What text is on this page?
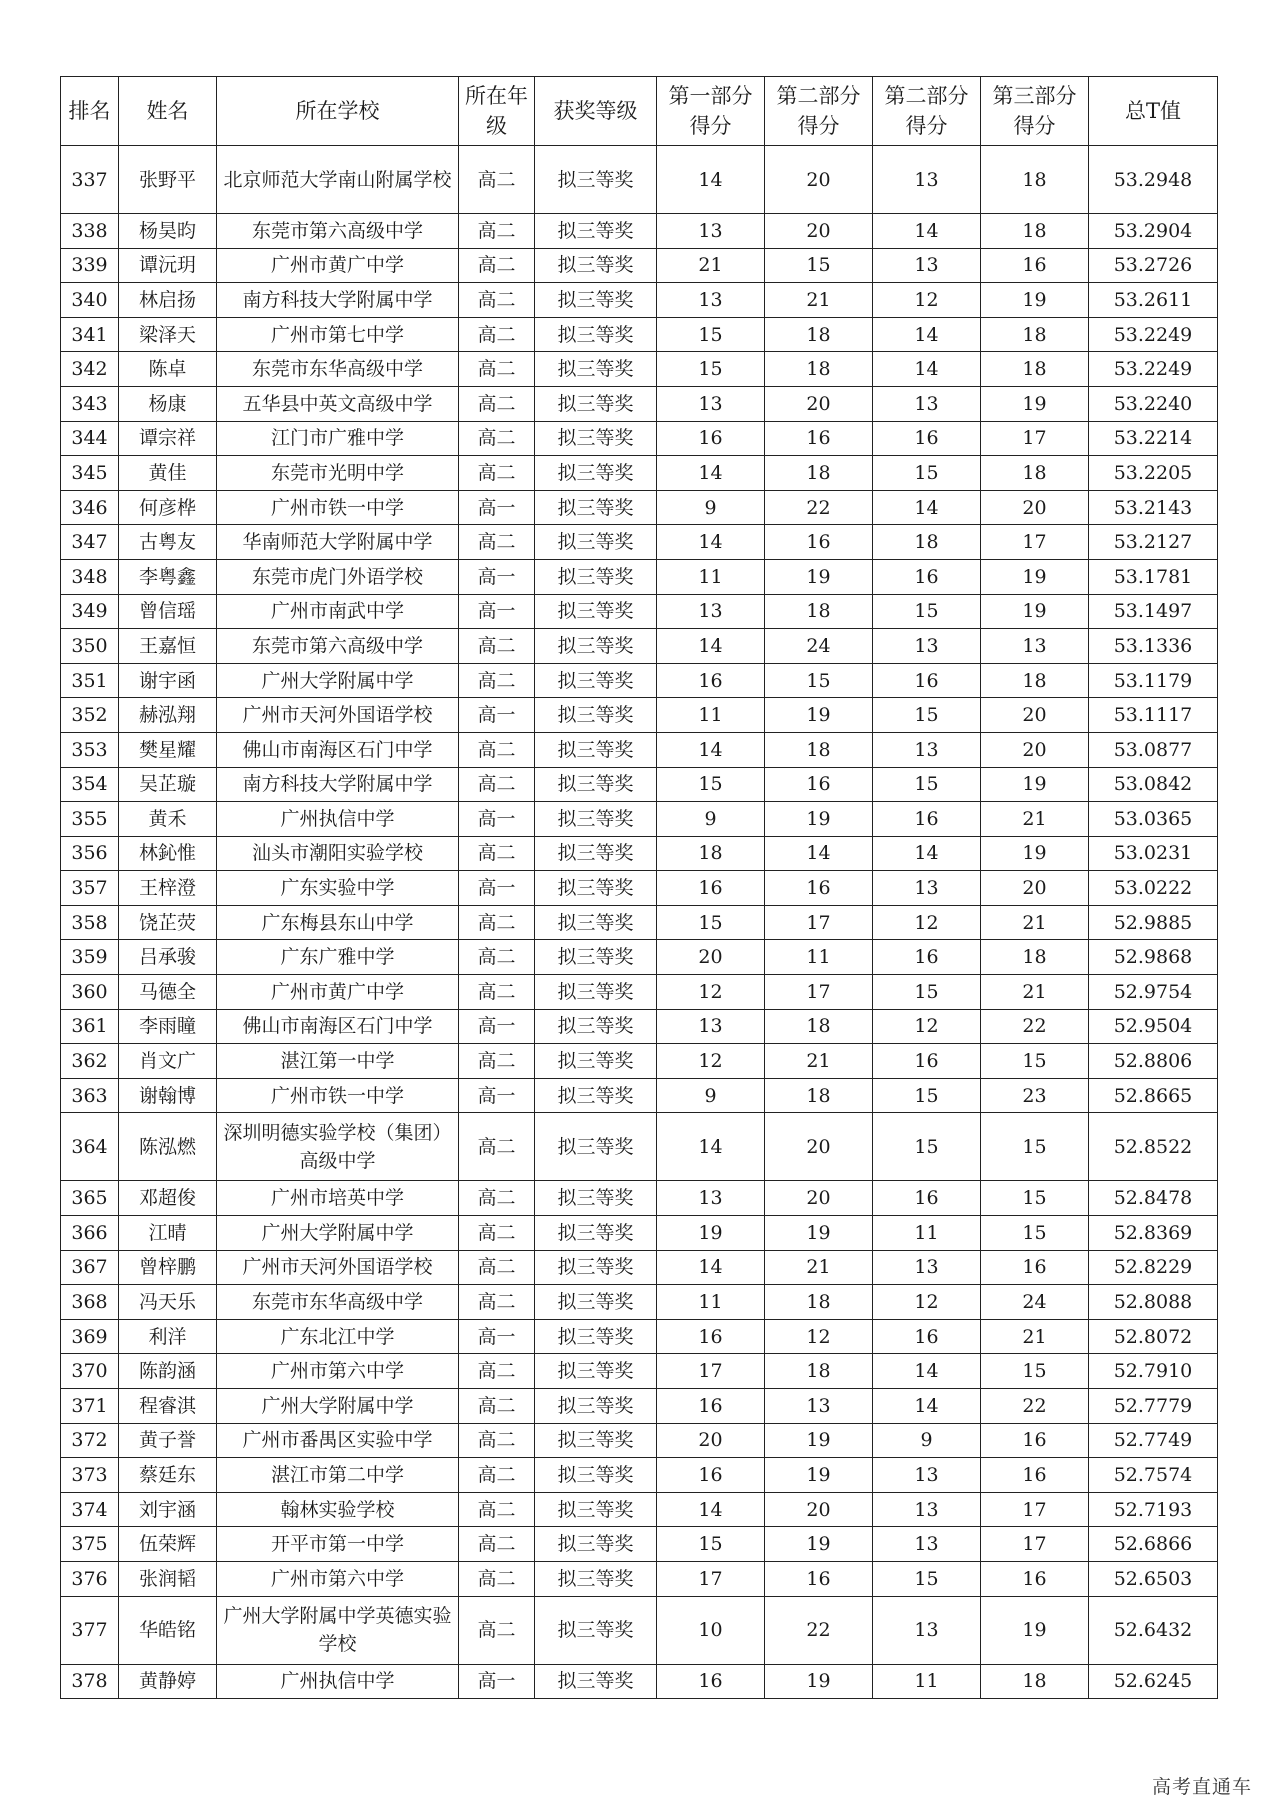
排名	姓名	所在学校	所在年级	获奖等级	第一部分得分	第二部分得分	第二部分得分	第三部分得分	总T值
337	张野平	北京师范大学南山附属学校	高二	拟三等奖	14	20	13	18	53.2948
338	杨昊昀	东莞市第六高级中学	高二	拟三等奖	13	20	14	18	53.2904
339	谭沅玥	广州市黄广中学	高二	拟三等奖	21	15	13	16	53.2726
340	林启扬	南方科技大学附属中学	高二	拟三等奖	13	21	12	19	53.2611
341	梁泽天	广州市第七中学	高二	拟三等奖	15	18	14	18	53.2249
342	陈卓	东莞市东华高级中学	高二	拟三等奖	15	18	14	18	53.2249
343	杨康	五华县中英文高级中学	高二	拟三等奖	13	20	13	19	53.2240
344	谭宗祥	江门市广雅中学	高二	拟三等奖	16	16	16	17	53.2214
345	黄佳	东莞市光明中学	高二	拟三等奖	14	18	15	18	53.2205
346	何彦桦	广州市铁一中学	高一	拟三等奖	9	22	14	20	53.2143
347	古粤友	华南师范大学附属中学	高二	拟三等奖	14	16	18	17	53.2127
348	李粤鑫	东莞市虎门外语学校	高一	拟三等奖	11	19	16	19	53.1781
349	曾信瑶	广州市南武中学	高一	拟三等奖	13	18	15	19	53.1497
350	王嘉恒	东莞市第六高级中学	高二	拟三等奖	14	24	13	13	53.1336
351	谢宇函	广州大学附属中学	高二	拟三等奖	16	15	16	18	53.1179
352	赫泓翔	广州市天河外国语学校	高一	拟三等奖	11	19	15	20	53.1117
353	樊星耀	佛山市南海区石门中学	高二	拟三等奖	14	18	13	20	53.0877
354	吴芷璇	南方科技大学附属中学	高二	拟三等奖	15	16	15	19	53.0842
355	黄禾	广州执信中学	高一	拟三等奖	9	19	16	21	53.0365
356	林鈊惟	汕头市潮阳实验学校	高二	拟三等奖	18	14	14	19	53.0231
357	王梓澄	广东实验中学	高一	拟三等奖	16	16	13	20	53.0222
358	饶芷荧	广东梅县东山中学	高二	拟三等奖	15	17	12	21	52.9885
359	吕承骏	广东广雅中学	高二	拟三等奖	20	11	16	18	52.9868
360	马德全	广州市黄广中学	高二	拟三等奖	12	17	15	21	52.9754
361	李雨瞳	佛山市南海区石门中学	高一	拟三等奖	13	18	12	22	52.9504
362	肖文广	湛江第一中学	高二	拟三等奖	12	21	16	15	52.8806
363	谢翰博	广州市铁一中学	高一	拟三等奖	9	18	15	23	52.8665
364	陈泓燃	深圳明德实验学校（集团）高级中学	高二	拟三等奖	14	20	15	15	52.8522
365	邓超俊	广州市培英中学	高二	拟三等奖	13	20	16	15	52.8478
366	江晴	广州大学附属中学	高二	拟三等奖	19	19	11	15	52.8369
367	曾梓鹏	广州市天河外国语学校	高二	拟三等奖	14	21	13	16	52.8229
368	冯天乐	东莞市东华高级中学	高二	拟三等奖	11	18	12	24	52.8088
369	利洋	广东北江中学	高一	拟三等奖	16	12	16	21	52.8072
370	陈韵涵	广州市第六中学	高二	拟三等奖	17	18	14	15	52.7910
371	程睿淇	广州大学附属中学	高二	拟三等奖	16	13	14	22	52.7779
372	黄子誉	广州市番禺区实验中学	高二	拟三等奖	20	19	9	16	52.7749
373	蔡廷东	湛江市第二中学	高二	拟三等奖	16	19	13	16	52.7574
374	刘宇涵	翰林实验学校	高二	拟三等奖	14	20	13	17	52.7193
375	伍荣辉	开平市第一中学	高二	拟三等奖	15	19	13	17	52.6866
376	张润韬	广州市第六中学	高二	拟三等奖	17	16	15	16	52.6503
377	华皓铭	广州大学附属中学英德实验学校	高二	拟三等奖	10	22	13	19	52.6432
378	黄静婷	广州执信中学	高一	拟三等奖	16	19	11	18	52.6245
高考直通车
